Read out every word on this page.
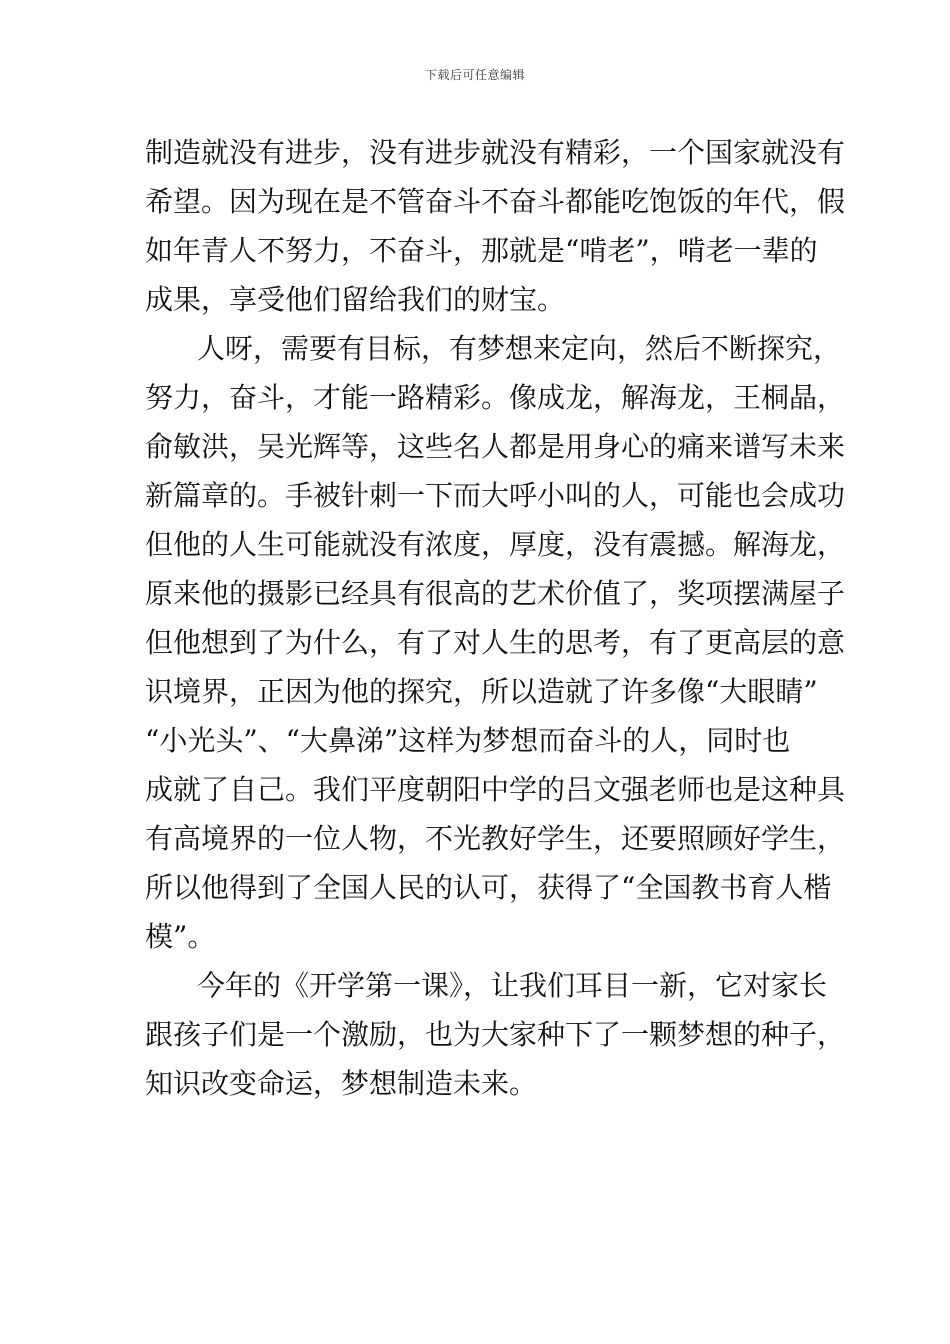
下载后可任意编辑
制造就没有进步，没有进步就没有精彩，一个国家就没有
希望。因为现在是不管奋斗不奋斗都能吃饱饭的年代，假
如年青人不努力，不奋斗，那就是“啃老”，啃老一辈的
成果，享受他们留给我们的财宝。
人呀，需要有目标，有梦想来定向，然后不断探究，
努力，奋斗，才能一路精彩。像成龙，解海龙，王桐晶，
俞敏洪，吴光辉等，这些名人都是用身心的痛来谱写未来
新篇章的。手被针刺一下而大呼小叫的人，可能也会成功
但他的人生可能就没有浓度，厚度，没有震撼。解海龙，
原来他的摄影已经具有很高的艺术价值了，奖项摆满屋子
但他想到了为什么，有了对人生的思考，有了更高层的意
识境界，正因为他的探究，所以造就了许多像“大眼睛”
“小光头”、“大鼻涕”这样为梦想而奋斗的人，同时也
成就了自己。我们平度朝阳中学的吕文强老师也是这种具
有高境界的一位人物，不光教好学生，还要照顾好学生，
所以他得到了全国人民的认可，获得了“全国教书育人楷
模”。
今年的《开学第一课》，让我们耳目一新，它对家长
跟孩子们是一个激励，也为大家种下了一颗梦想的种子，
知识改变命运，梦想制造未来。
